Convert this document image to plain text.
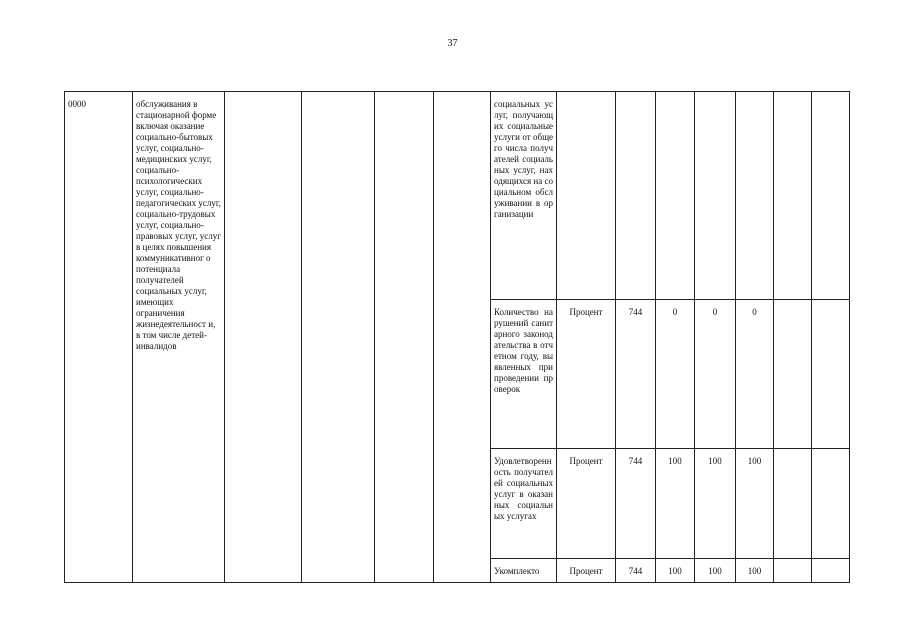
37
0000	обслуживания в стационарной форме включая оказание социально-бытовых услуг, социально-медицинских услуг, социально-психологических услуг, социально-педагогических услуг, социально-трудовых услуг, социально-правовых услуг, услуг в целях повышения коммуникативног о потенциала получателей социальных услуг, имеющих ограничения жизнедеятельност и, в том числе детей-инвалидов					социальных услуг, получающих социальные услуги от общего числа получателей социальных услуг, находящихся на социальном обслуживании в организации							
						Количество нарушений санитарного законодательства в отчетном году, выявленных при проведении проверок	Процент	744	0	0	0		
						Удовлетворенность получателей социальных услуг в оказанных социальных услугах	Процент	744	100	100	100		
						Укомплекто	Процент	744	100	100	100		
